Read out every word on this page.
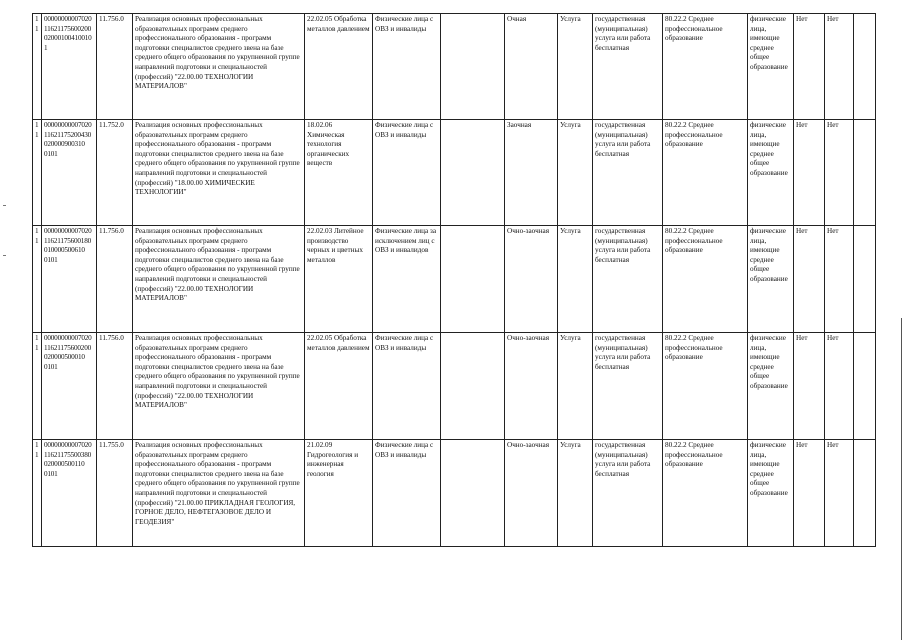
11	0000000000702011621175600200020001004100101	11.756.0	Реализация основных профессиональных образовательных программ среднего профессионального образования - программ подготовки специалистов среднего звена на базе среднего общего образования по укрупненной группе направлений подготовки и специальностей (профессий) "22.00.00 ТЕХНОЛОГИИ МАТЕРИАЛОВ"	22.02.05 Обработка металлов давлением	Физические лица с ОВЗ и инвалиды		Очная	Услуга	государственная (муниципальная) услуга или работа бесплатная	80.22.2 Среднее профессиональное образование	физические лица, имеющие среднее общее образование	Нет	Нет	
11	0000000000702011621175200430020000900310 0101	11.752.0	Реализация основных профессиональных образовательных программ среднего профессионального образования - программ подготовки специалистов среднего звена на базе среднего общего образования по укрупненной группе направлений подготовки и специальностей (профессий) "18.00.00 ХИМИЧЕСКИЕ ТЕХНОЛОГИИ"	18.02.06 Химическая технология органических веществ	Физические лица с ОВЗ и инвалиды		Заочная	Услуга	государственная (муниципальная) услуга или работа бесплатная	80.22.2 Среднее профессиональное образование	физические лица, имеющие среднее общее образование	Нет	Нет	
11	0000000000702011621175600180010000500610 0101	11.756.0	Реализация основных профессиональных образовательных программ среднего профессионального образования - программ подготовки специалистов среднего звена на базе среднего общего образования по укрупненной группе направлений подготовки и специальностей (профессий) "22.00.00 ТЕХНОЛОГИИ МАТЕРИАЛОВ"	22.02.03 Литейное производство черных и цветных металлов	Физические лица за исключением лиц с ОВЗ и инвалидов		Очно-заочная	Услуга	государственная (муниципальная) услуга или работа бесплатная	80.22.2 Среднее профессиональное образование	физические лица, имеющие среднее общее образование	Нет	Нет	
11	0000000000702011621175600200020000500010 0101	11.756.0	Реализация основных профессиональных образовательных программ среднего профессионального образования - программ подготовки специалистов среднего звена на базе среднего общего образования по укрупненной группе направлений подготовки и специальностей (профессий) "22.00.00 ТЕХНОЛОГИИ МАТЕРИАЛОВ"	22.02.05 Обработка металлов давлением	Физические лица с ОВЗ и инвалиды		Очно-заочная	Услуга	государственная (муниципальная) услуга или работа бесплатная	80.22.2 Среднее профессиональное образование	физические лица, имеющие среднее общее образование	Нет	Нет	
11	0000000000702011621175500380020000500110 0101	11.755.0	Реализация основных профессиональных образовательных программ среднего профессионального образования - программ подготовки специалистов среднего звена на базе среднего общего образования по укрупненной группе направлений подготовки и специальностей (профессий) "21.00.00 ПРИКЛАДНАЯ ГЕОЛОГИЯ, ГОРНОЕ ДЕЛО, НЕФТЕГАЗОВОЕ ДЕЛО И ГЕОДЕЗИЯ"	21.02.09 Гидрогеология и инженерная геология	Физические лица с ОВЗ и инвалиды		Очно-заочная	Услуга	государственная (муниципальная) услуга или работа бесплатная	80.22.2 Среднее профессиональное образование	физические лица, имеющие среднее общее образование	Нет	Нет	
